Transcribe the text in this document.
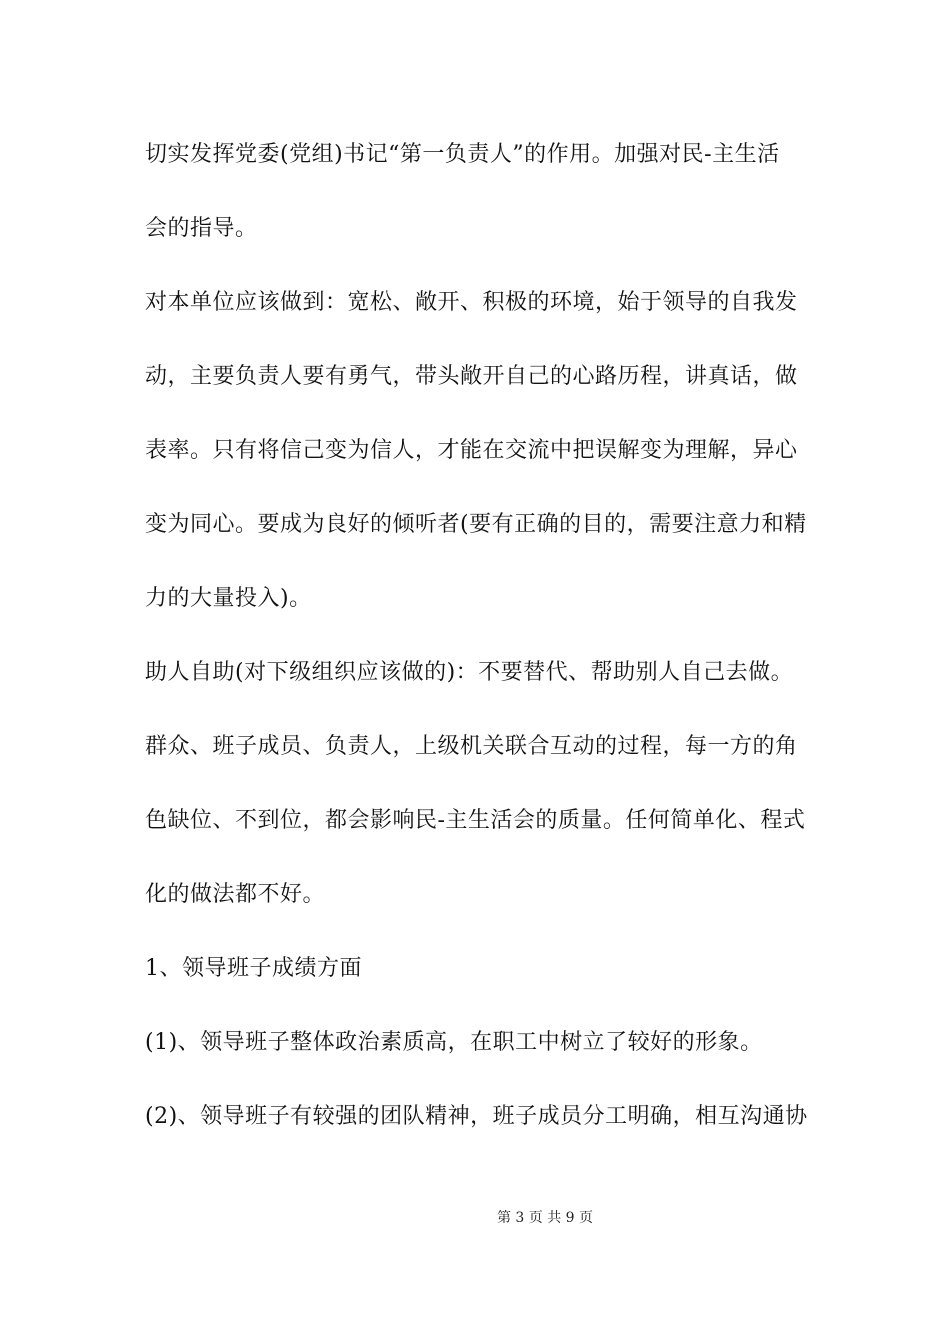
切实发挥党委(党组)书记“第一负责人”的作用。加强对民-主生活
会的指导。
对本单位应该做到：宽松、敞开、积极的环境，始于领导的自我发
动，主要负责人要有勇气，带头敞开自己的心路历程，讲真话，做
表率。只有将信己变为信人，才能在交流中把误解变为理解，异心
变为同心。要成为良好的倾听者(要有正确的目的，需要注意力和精
力的大量投入)。
助人自助(对下级组织应该做的)：不要替代、帮助别人自己去做。
群众、班子成员、负责人，上级机关联合互动的过程，每一方的角
色缺位、不到位，都会影响民-主生活会的质量。任何简单化、程式
化的做法都不好。
1、领导班子成绩方面
(1)、领导班子整体政治素质高，在职工中树立了较好的形象。
(2)、领导班子有较强的团队精神，班子成员分工明确，相互沟通协
第 3 页 共 9 页
